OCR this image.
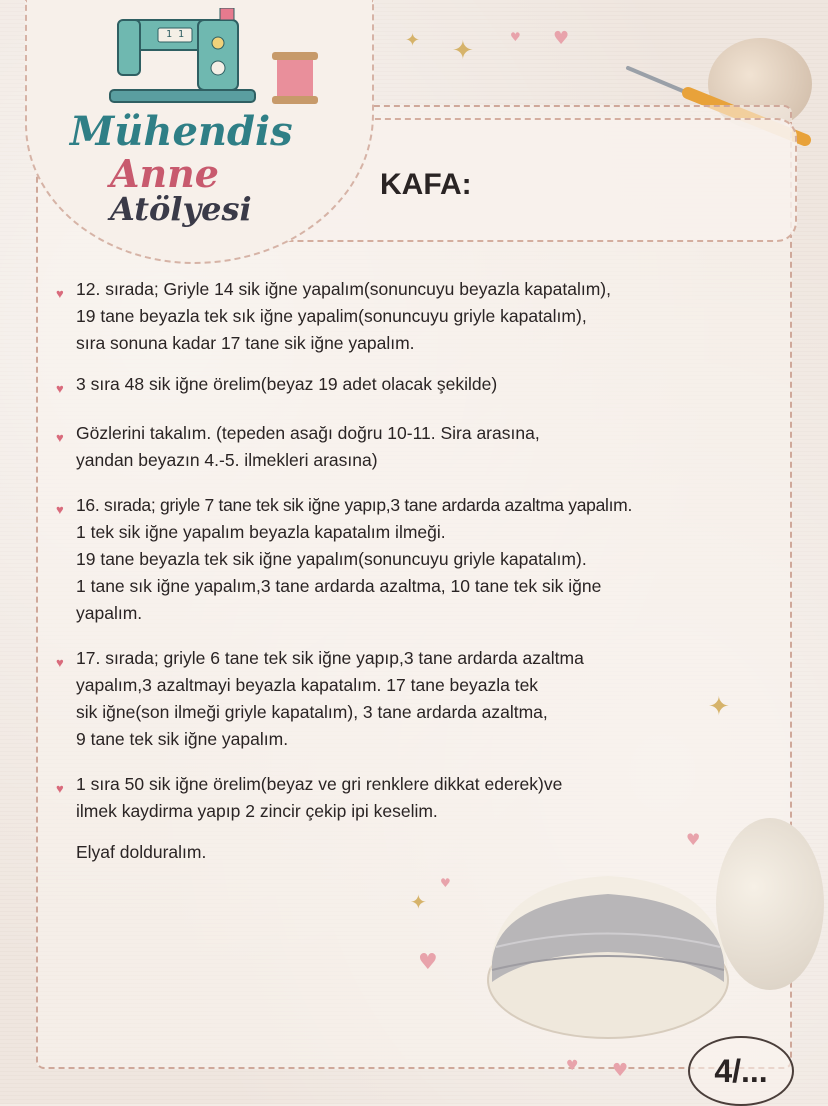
1 1
Mühendis
Anne
Atölyesi
✦
✦	♥
♥
KAFA:
♥ 12. sırada; Griyle 14 sik iğne yapalım(sonuncuyu beyazla kapatalım),
19 tane beyazla tek sık iğne yapalim(sonuncuyu griyle kapatalım),
sıra sonuna kadar 17 tane sik iğne yapalım.
♥ 3 sıra 48 sik iğne örelim(beyaz 19 adet olacak şekilde)
♥ Gözlerini takalım. (tepeden asağı doğru 10-11. Sira arasına,
yandan beyazın 4.-5. ilmekleri arasına)
♥ 16. sırada; griyle 7 tane tek sik iğne yapıp,3 tane ardarda azaltma yapalım.
1 tek sik iğne yapalım beyazla kapatalım ilmeği.
19 tane beyazla tek sik iğne yapalım(sonuncuyu griyle kapatalım).
1 tane sık iğne yapalım,3 tane ardarda azaltma, 10 tane tek sik iğne
yapalım.
♥ 17. sırada; griyle 6 tane tek sik iğne yapıp,3 tane ardarda azaltma
yapalım,3 azaltmayi beyazla kapatalım. 17 tane beyazla tek
sik iğne(son ilmeği griyle kapatalım), 3 tane ardarda azaltma,
9 tane tek sik iğne yapalım.
♥ 1 sıra 50 sik iğne örelim(beyaz ve gri renklere dikkat ederek)ve
ilmek kaydirma yapıp 2 zincir çekip ipi keselim.
Elyaf dolduralım.
✦
✦
♥
♥
♥
♥
♥	4/...
